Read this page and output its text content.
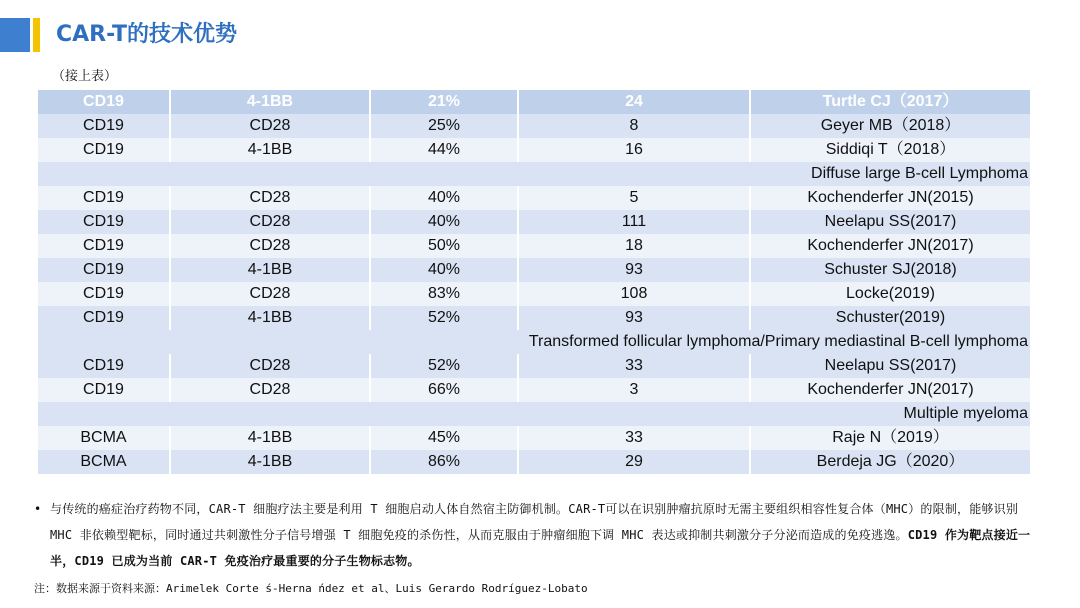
CAR-T的技术优势
（接上表）
CD19	4-1BB	21%	24	Turtle CJ（2017）
CD19	CD28	25%	8	Geyer MB（2018）
CD19	4-1BB	44%	16	Siddiqi T（2018）
Diffuse large B-cell Lymphoma
CD19	CD28	40%	5	Kochenderfer JN(2015)
CD19	CD28	40%	111	Neelapu SS(2017)
CD19	CD28	50%	18	Kochenderfer JN(2017)
CD19	4-1BB	40%	93	Schuster SJ(2018)
CD19	CD28	83%	108	Locke(2019)
CD19	4-1BB	52%	93	Schuster(2019)
Transformed follicular lymphoma/Primary mediastinal B-cell lymphoma
CD19	CD28	52%	33	Neelapu SS(2017)
CD19	CD28	66%	3	Kochenderfer JN(2017)
Multiple myeloma
BCMA	4-1BB	45%	33	Raje N（2019）
BCMA	4-1BB	86%	29	Berdeja JG（2020）
• 与传统的癌症治疗药物不同，CAR-T 细胞疗法主要是利用 T 细胞启动人体自然宿主防御机制。CAR-T可以在识别肿瘤抗原时无需主要组织相容性复合体（MHC）的限制，能够识别 MHC 非依赖型靶标，同时通过共刺激性分子信号增强 T 细胞免疫的杀伤性，从而克服由于肿瘤细胞下调 MHC 表达或抑制共刺激分子分泌而造成的免疫逃逸。CD19 作为靶点接近一半，CD19 已成为当前 CAR-T 免疫治疗最重要的分子生物标志物。
注：数据来源于资料来源：Arimelek Corte ́s-Herna ́ndez et al、Luis Gerardo Rodríguez-Lobato
